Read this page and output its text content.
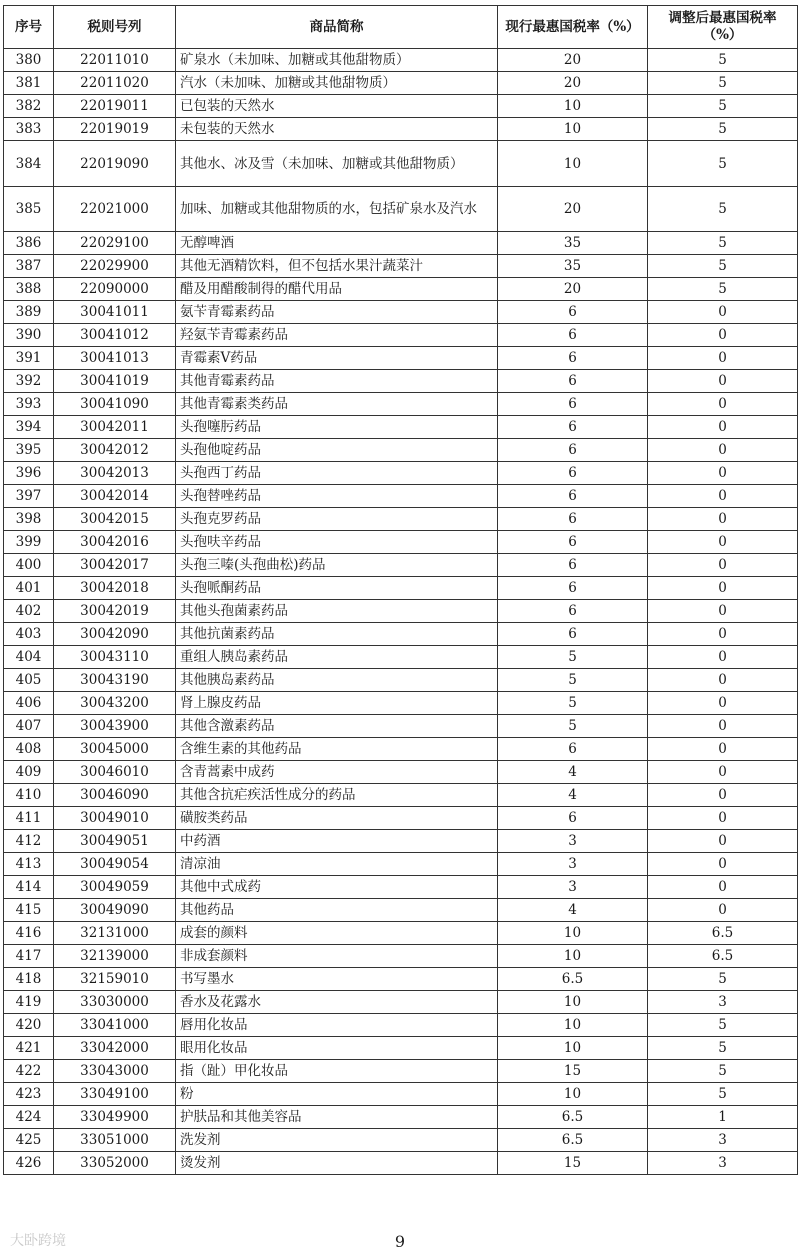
序号	税则号列	商品简称	现行最惠国税率（%）	调整后最惠国税率（%）
380	22011010	矿泉水（未加味、加糖或其他甜物质）	20	5
381	22011020	汽水（未加味、加糖或其他甜物质）	20	5
382	22019011	已包装的天然水	10	5
383	22019019	未包装的天然水	10	5
384	22019090	其他水、冰及雪（未加味、加糖或其他甜物质）	10	5
385	22021000	加味、加糖或其他甜物质的水，包括矿泉水及汽水	20	5
386	22029100	无醇啤酒	35	5
387	22029900	其他无酒精饮料，但不包括水果汁蔬菜汁	35	5
388	22090000	醋及用醋酸制得的醋代用品	20	5
389	30041011	氨苄青霉素药品	6	0
390	30041012	羟氨苄青霉素药品	6	0
391	30041013	青霉素V药品	6	0
392	30041019	其他青霉素药品	6	0
393	30041090	其他青霉素类药品	6	0
394	30042011	头孢噻肟药品	6	0
395	30042012	头孢他啶药品	6	0
396	30042013	头孢西丁药品	6	0
397	30042014	头孢替唑药品	6	0
398	30042015	头孢克罗药品	6	0
399	30042016	头孢呋辛药品	6	0
400	30042017	头孢三嗪(头孢曲松)药品	6	0
401	30042018	头孢哌酮药品	6	0
402	30042019	其他头孢菌素药品	6	0
403	30042090	其他抗菌素药品	6	0
404	30043110	重组人胰岛素药品	5	0
405	30043190	其他胰岛素药品	5	0
406	30043200	肾上腺皮药品	5	0
407	30043900	其他含激素药品	5	0
408	30045000	含维生素的其他药品	6	0
409	30046010	含青蒿素中成药	4	0
410	30046090	其他含抗疟疾活性成分的药品	4	0
411	30049010	磺胺类药品	6	0
412	30049051	中药酒	3	0
413	30049054	清凉油	3	0
414	30049059	其他中式成药	3	0
415	30049090	其他药品	4	0
416	32131000	成套的颜料	10	6.5
417	32139000	非成套颜料	10	6.5
418	32159010	书写墨水	6.5	5
419	33030000	香水及花露水	10	3
420	33041000	唇用化妆品	10	5
421	33042000	眼用化妆品	10	5
422	33043000	指（趾）甲化妆品	15	5
423	33049100	粉	10	5
424	33049900	护肤品和其他美容品	6.5	1
425	33051000	洗发剂	6.5	3
426	33052000	烫发剂	15	3
大卧跨境	9
